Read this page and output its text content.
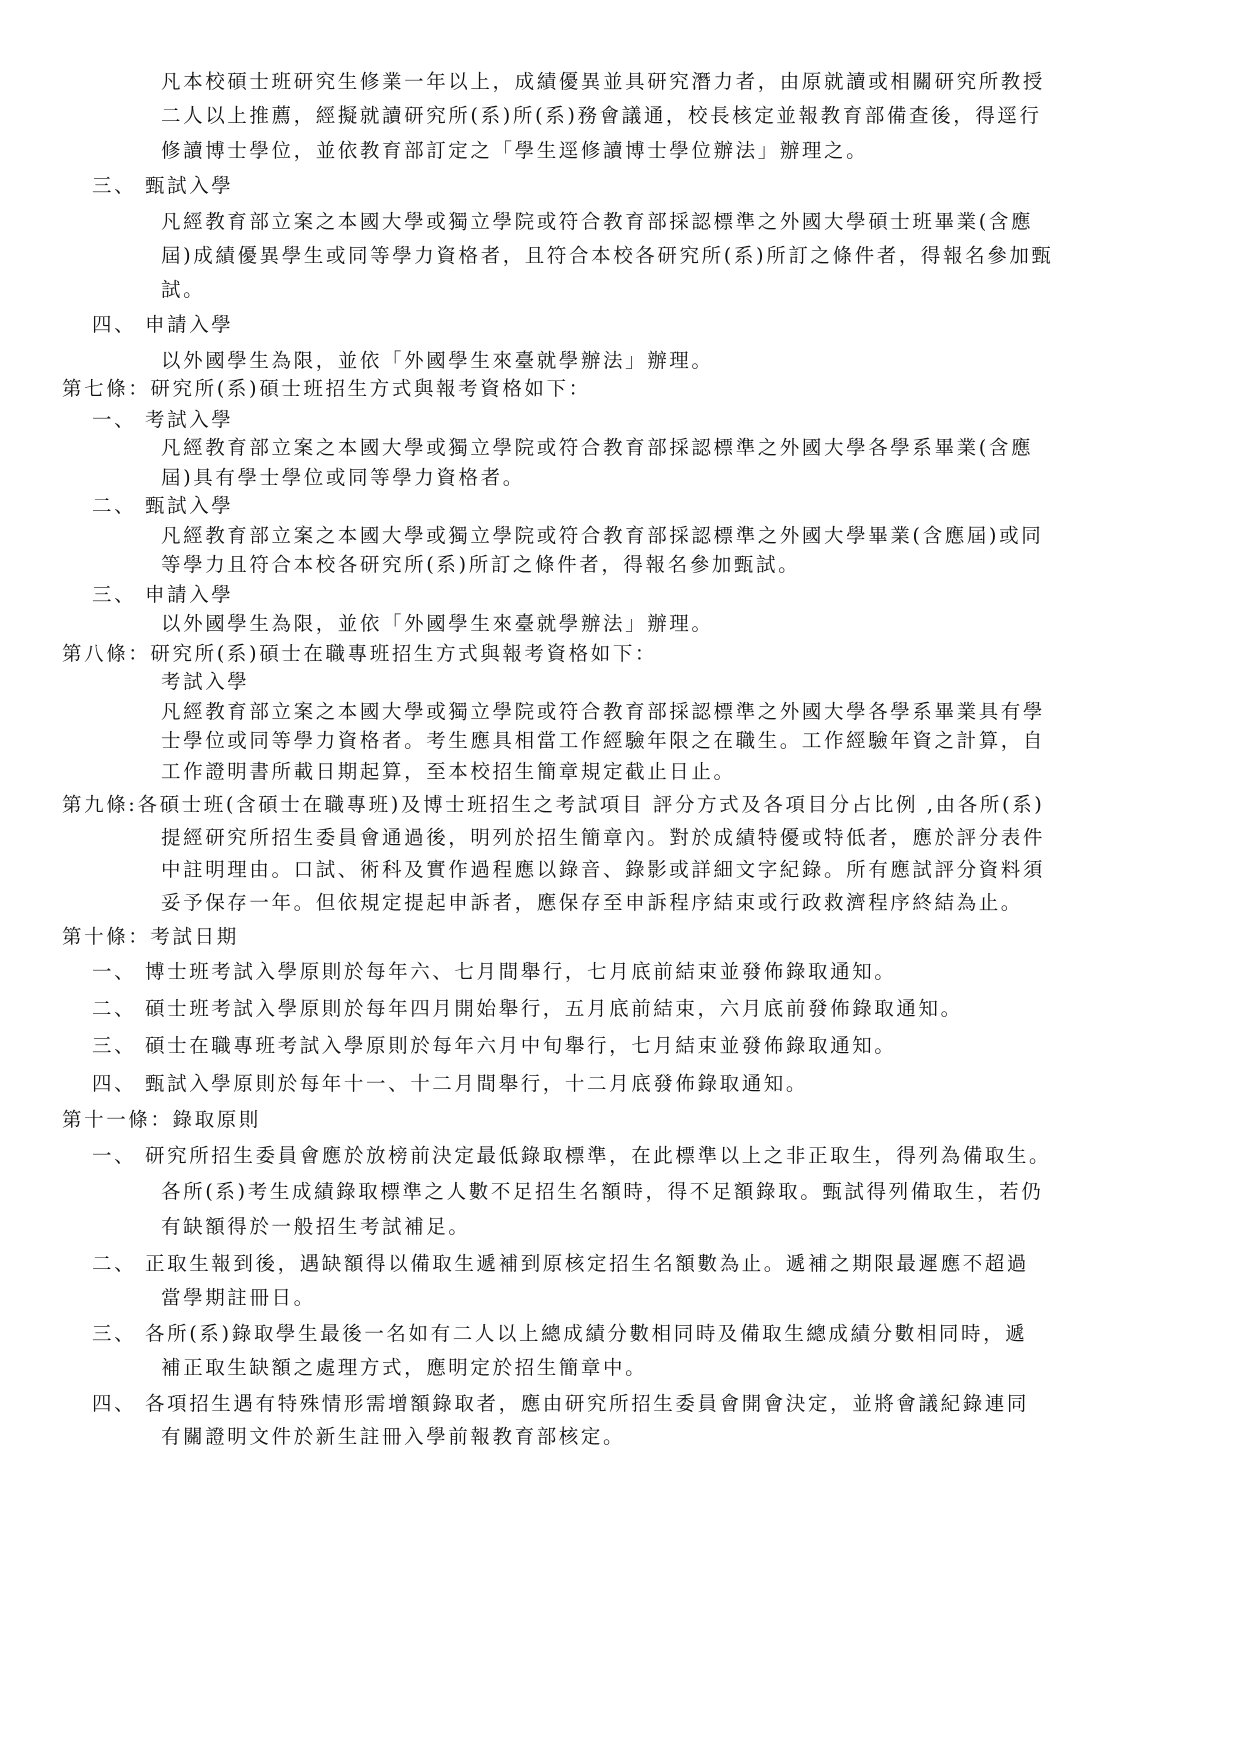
凡本校碩士班研究生修業一年以上，成績優異並具研究潛力者，由原就讀或相關研究所教授
二人以上推薦，經擬就讀研究所(系)所(系)務會議通，校長核定並報教育部備查後，得逕行
修讀博士學位，並依教育部訂定之「學生逕修讀博士學位辦法」辦理之。
三、 甄試入學
凡經教育部立案之本國大學或獨立學院或符合教育部採認標準之外國大學碩士班畢業(含應
屆)成績優異學生或同等學力資格者，且符合本校各研究所(系)所訂之條件者，得報名參加甄
試。
四、 申請入學
以外國學生為限，並依「外國學生來臺就學辦法」辦理。
第七條：研究所(系)碩士班招生方式與報考資格如下：
一、 考試入學
凡經教育部立案之本國大學或獨立學院或符合教育部採認標準之外國大學各學系畢業(含應
屆)具有學士學位或同等學力資格者。
二、 甄試入學
凡經教育部立案之本國大學或獨立學院或符合教育部採認標準之外國大學畢業(含應屆)或同
等學力且符合本校各研究所(系)所訂之條件者，得報名參加甄試。
三、 申請入學
以外國學生為限，並依「外國學生來臺就學辦法」辦理。
第八條：研究所(系)碩士在職專班招生方式與報考資格如下：
考試入學
凡經教育部立案之本國大學或獨立學院或符合教育部採認標準之外國大學各學系畢業具有學
士學位或同等學力資格者。考生應具相當工作經驗年限之在職生。工作經驗年資之計算，自
工作證明書所載日期起算，至本校招生簡章規定截止日止。
第九條:各碩士班(含碩士在職專班)及博士班招生之考試項目 評分方式及各項目分占比例 ,由各所(系)
提經研究所招生委員會通過後，明列於招生簡章內。對於成績特優或特低者，應於評分表件
中註明理由。口試、術科及實作過程應以錄音、錄影或詳細文字紀錄。所有應試評分資料須
妥予保存一年。但依規定提起申訴者，應保存至申訴程序結束或行政救濟程序終結為止。
第十條：考試日期
一、 博士班考試入學原則於每年六、七月間舉行，七月底前結束並發佈錄取通知。
二、 碩士班考試入學原則於每年四月開始舉行，五月底前結束，六月底前發佈錄取通知。
三、 碩士在職專班考試入學原則於每年六月中旬舉行，七月結束並發佈錄取通知。
四、 甄試入學原則於每年十一、十二月間舉行，十二月底發佈錄取通知。
第十一條：錄取原則
一、 研究所招生委員會應於放榜前決定最低錄取標準，在此標準以上之非正取生，得列為備取生。
各所(系)考生成績錄取標準之人數不足招生名額時，得不足額錄取。甄試得列備取生，若仍
有缺額得於一般招生考試補足。
二、 正取生報到後，遇缺額得以備取生遞補到原核定招生名額數為止。遞補之期限最遲應不超過
當學期註冊日。
三、 各所(系)錄取學生最後一名如有二人以上總成績分數相同時及備取生總成績分數相同時，遞
補正取生缺額之處理方式，應明定於招生簡章中。
四、 各項招生遇有特殊情形需增額錄取者，應由研究所招生委員會開會決定，並將會議紀錄連同
有關證明文件於新生註冊入學前報教育部核定。
